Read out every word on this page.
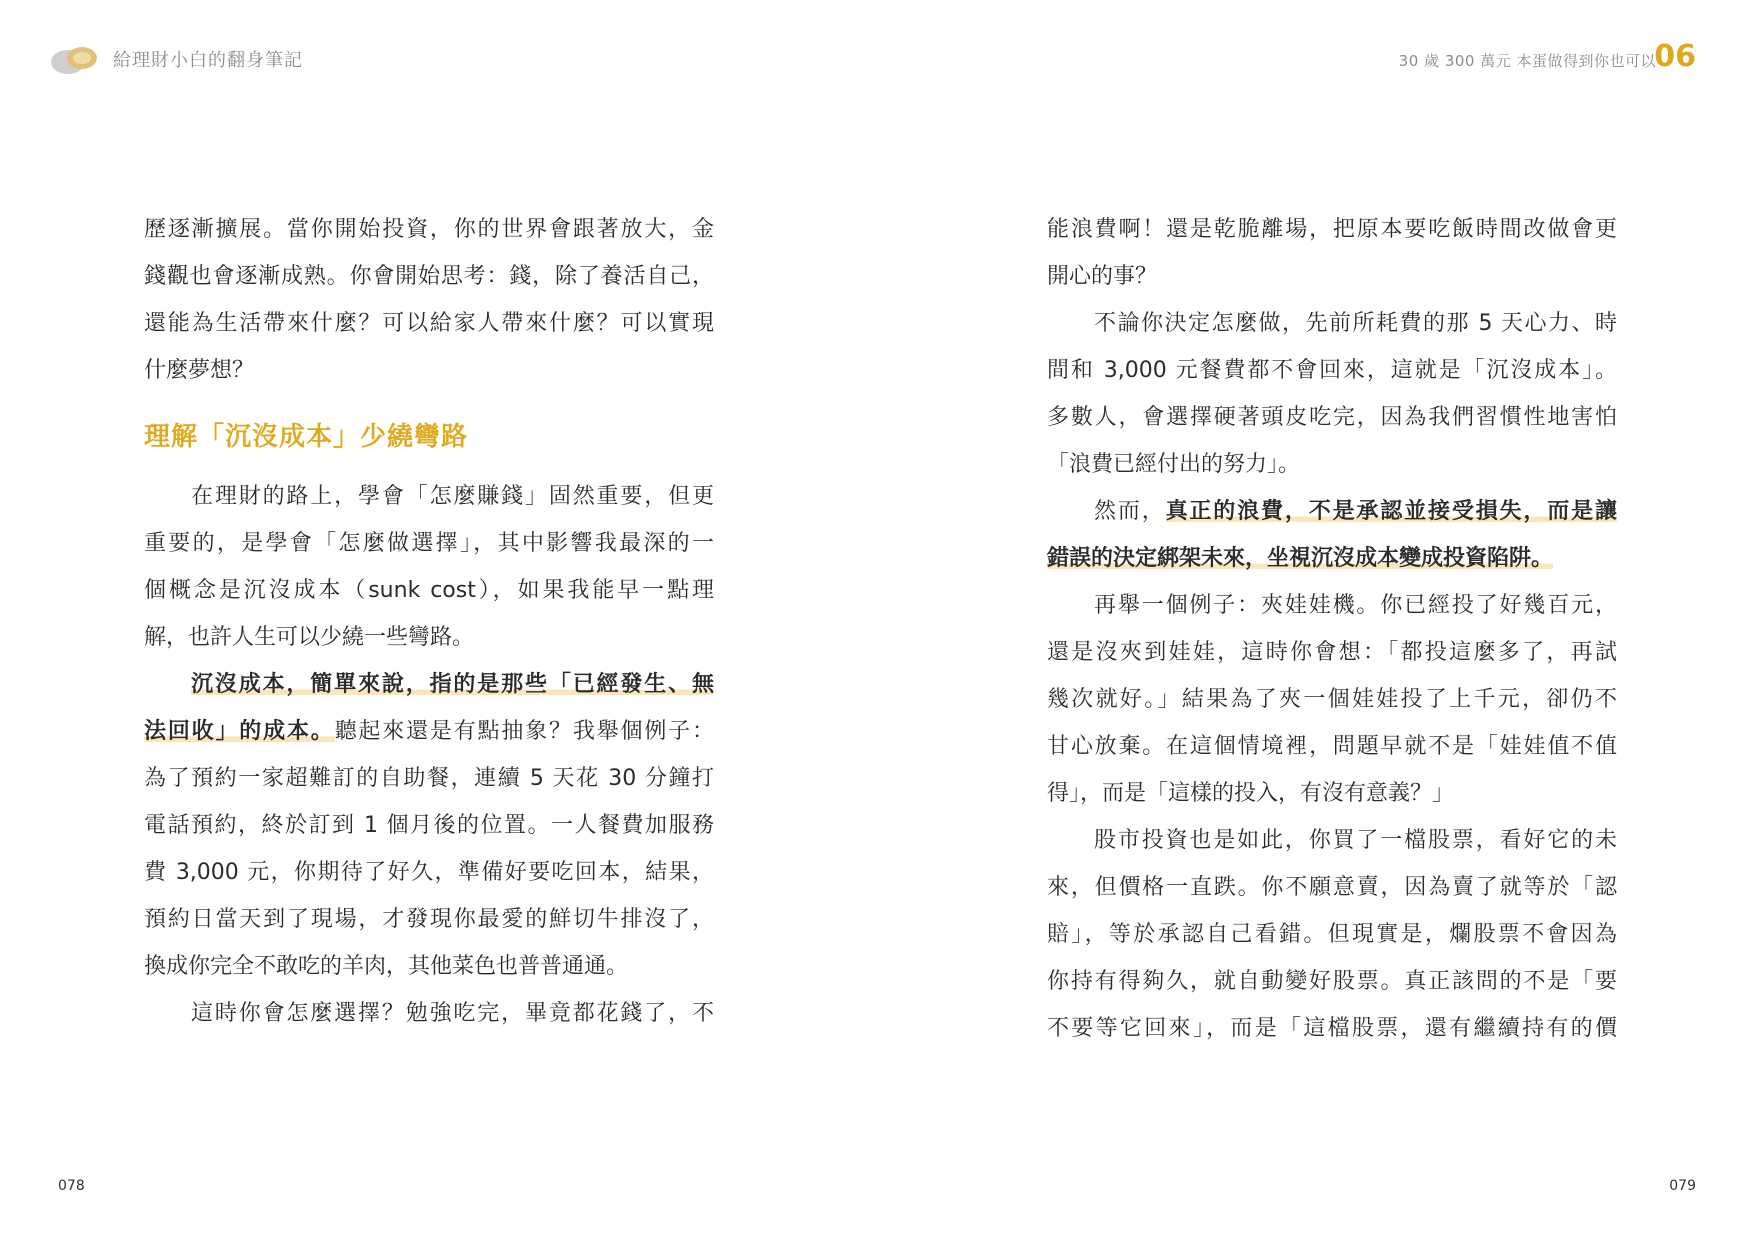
給理財小白的翻身筆記	30 歲 300 萬元 本蛋做得到你也可以
06
歷逐漸擴展。當你開始投資，你的世界會跟著放大，金
錢觀也會逐漸成熟。你會開始思考：錢，除了養活自己，
還能為生活帶來什麼？可以給家人帶來什麼？可以實現
什麼夢想？
理解「沉沒成本」少繞彎路
在理財的路上，學會「怎麼賺錢」固然重要，但更
重要的，是學會「怎麼做選擇」，其中影響我最深的一
個概念是沉沒成本（sunk cost），如果我能早一點理
解，也許人生可以少繞一些彎路。
沉沒成本，簡單來說，指的是那些「已經發生、無
法回收」的成本。聽起來還是有點抽象？我舉個例子：
為了預約一家超難訂的自助餐，連續 5 天花 30 分鐘打
電話預約，終於訂到 1 個月後的位置。一人餐費加服務
費 3,000 元，你期待了好久，準備好要吃回本，結果，
預約日當天到了現場，才發現你最愛的鮮切牛排沒了，
換成你完全不敢吃的羊肉，其他菜色也普普通通。
這時你會怎麼選擇？勉強吃完，畢竟都花錢了，不
能浪費啊！還是乾脆離場，把原本要吃飯時間改做會更
開心的事？
不論你決定怎麼做，先前所耗費的那 5 天心力、時
間和 3,000 元餐費都不會回來，這就是「沉沒成本」。
多數人，會選擇硬著頭皮吃完，因為我們習慣性地害怕
「浪費已經付出的努力」。
然而，真正的浪費，不是承認並接受損失，而是讓
錯誤的決定綁架未來，坐視沉沒成本變成投資陷阱。
再舉一個例子：夾娃娃機。你已經投了好幾百元，
還是沒夾到娃娃，這時你會想：「都投這麼多了，再試
幾次就好。」結果為了夾一個娃娃投了上千元，卻仍不
甘心放棄。在這個情境裡，問題早就不是「娃娃值不值
得」，而是「這樣的投入，有沒有意義？」
股市投資也是如此，你買了一檔股票，看好它的未
來，但價格一直跌。你不願意賣，因為賣了就等於「認
賠」，等於承認自己看錯。但現實是，爛股票不會因為
你持有得夠久，就自動變好股票。真正該問的不是「要
不要等它回來」，而是「這檔股票，還有繼續持有的價
078	079
